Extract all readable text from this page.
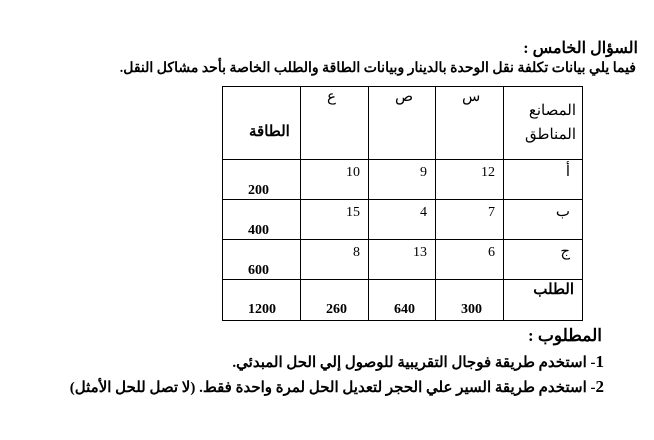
السؤال الخامس :
فيما يلي بيانات تكلفة نقل الوحدة بالدينار وبيانات الطاقة والطلب الخاصة بأحد مشاكل النقل.
الطاقة	ع	ص	س	المصانع
المناطق

200	10	9	12	أ

400	15	4	7	ب

600	8	13	6	ج

1200	260	640	300	الطلب
المطلوب :
1- استخدم طريقة فوجال التقريبية للوصول إلي الحل المبدئي.
2- استخدم طريقة السير علي الحجر لتعديل الحل لمرة واحدة فقط. (لا تصل للحل الأمثل)
